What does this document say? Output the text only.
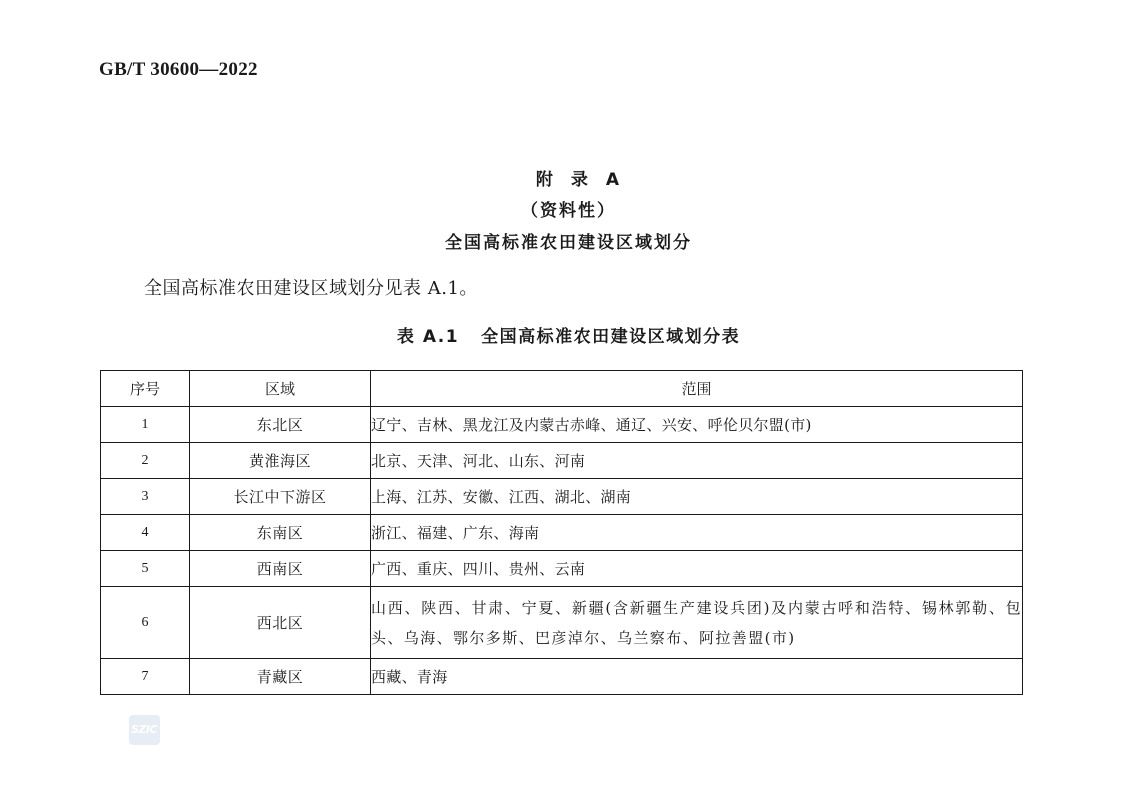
GB/T 30600—2022
附录A
（资料性）
全国高标准农田建设区域划分
全国高标准农田建设区域划分见表 A.1。
表 A.1 全国高标准农田建设区域划分表
序号	区域	范围
1	东北区	辽宁、吉林、黑龙江及内蒙古赤峰、通辽、兴安、呼伦贝尔盟(市)
2	黄淮海区	北京、天津、河北、山东、河南
3	长江中下游区	上海、江苏、安徽、江西、湖北、湖南
4	东南区	浙江、福建、广东、海南
5	西南区	广西、重庆、四川、贵州、云南
6	西北区	山西、陕西、甘肃、宁夏、新疆(含新疆生产建设兵团)及内蒙古呼和浩特、锡林郭勒、包头、乌海、鄂尔多斯、巴彦淖尔、乌兰察布、阿拉善盟(市)
7	青藏区	西藏、青海
SZIC
